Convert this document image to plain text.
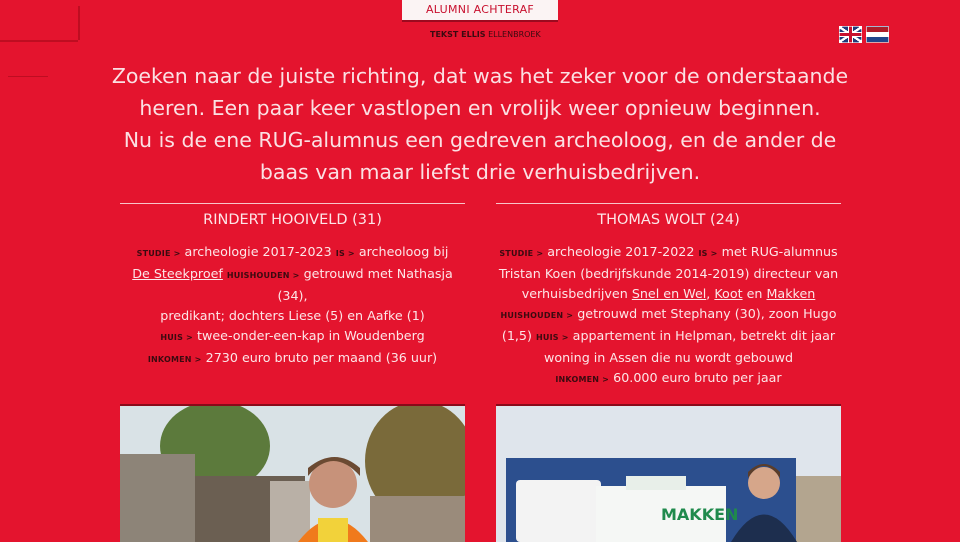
ALUMNI ACHTERAF
TEKST ELLIS ELLENBROEK
Zoeken naar de juiste richting, dat was het zeker voor de onderstaande
heren. Een paar keer vastlopen en vrolijk weer opnieuw beginnen.
Nu is de ene RUG-alumnus een gedreven archeoloog, en de ander de
baas van maar liefst drie verhuisbedrijven.
RINDERT HOOIVELD (31)
STUDIE > archeologie 2017-2023 IS > archeoloog bij
De Steekproef HUISHOUDEN > getrouwd met Nathasja (34),
predikant; dochters Liese (5) en Aafke (1)
HUIS > twee-onder-een-kap in Woudenberg
INKOMEN > 2730 euro bruto per maand (36 uur)
THOMAS WOLT (24)
STUDIE > archeologie 2017-2022 IS > met RUG-alumnus
Tristan Koen (bedrijfskunde 2014-2019) directeur van
verhuisbedrijven Snel en Wel, Koot en Makken
HUISHOUDEN > getrouwd met Stephany (30), zoon Hugo
(1,5) HUIS > appartement in Helpman, betrekt dit jaar
woning in Assen die nu wordt gebouwd
INKOMEN > 60.000 euro bruto per jaar
MAKKEN
